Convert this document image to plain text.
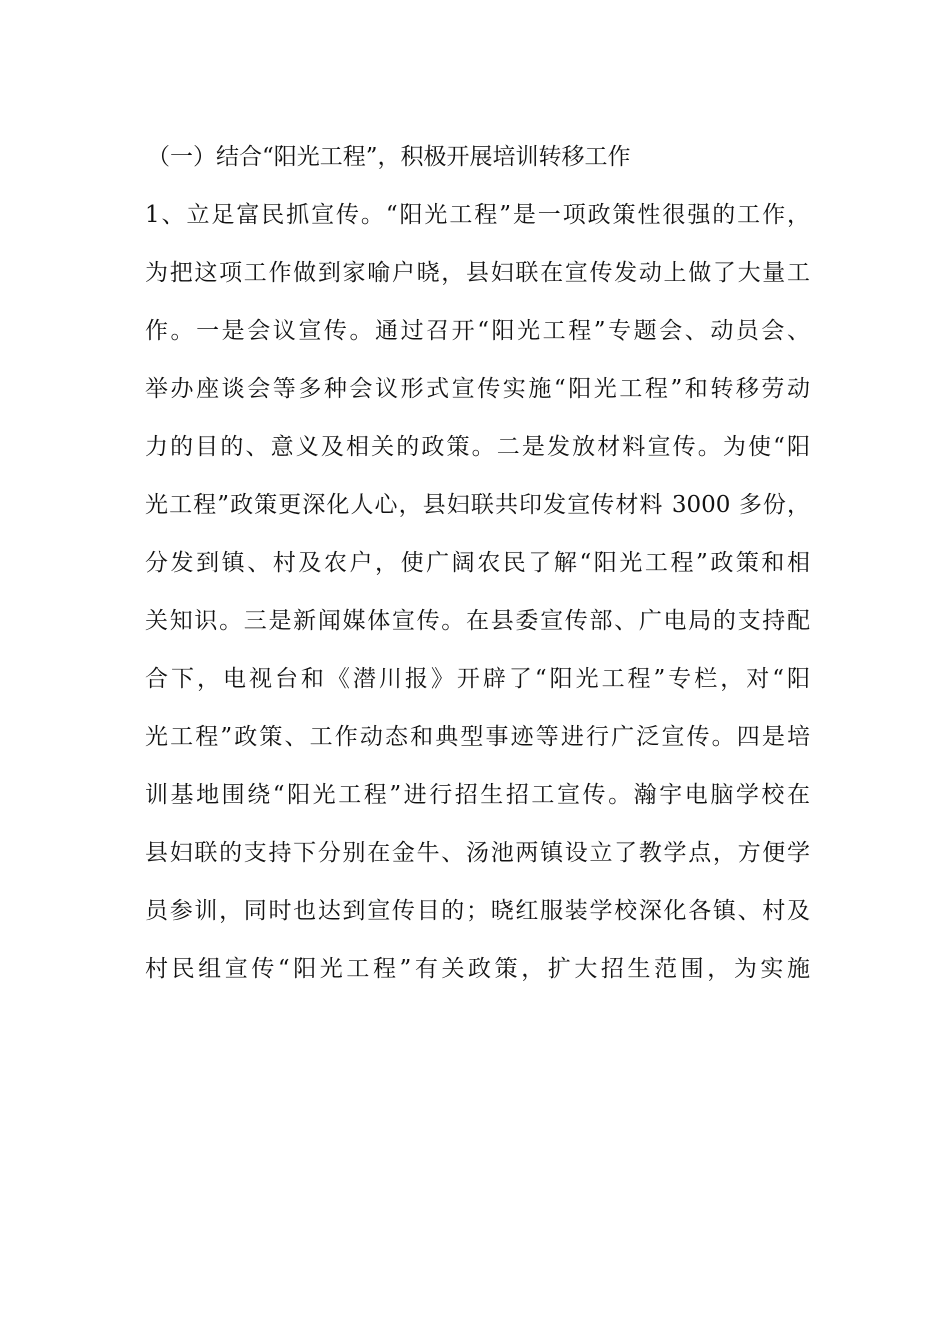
（一）结合“阳光工程”，积极开展培训转移工作
1、立足富民抓宣传。“阳光工程”是一项政策性很强的工作，
为把这项工作做到家喻户晓，县妇联在宣传发动上做了大量工
作。一是会议宣传。通过召开“阳光工程”专题会、动员会、
举办座谈会等多种会议形式宣传实施“阳光工程”和转移劳动
力的目的、意义及相关的政策。二是发放材料宣传。为使“阳
光工程”政策更深化人心，县妇联共印发宣传材料 3000 多份，
分发到镇、村及农户，使广阔农民了解“阳光工程”政策和相
关知识。三是新闻媒体宣传。在县委宣传部、广电局的支持配
合下，电视台和《潜川报》开辟了“阳光工程”专栏，对“阳
光工程”政策、工作动态和典型事迹等进行广泛宣传。四是培
训基地围绕“阳光工程”进行招生招工宣传。瀚宇电脑学校在
县妇联的支持下分别在金牛、汤池两镇设立了教学点，方便学
员参训，同时也达到宣传目的；晓红服装学校深化各镇、村及
村民组宣传“阳光工程”有关政策，扩大招生范围，为实施
